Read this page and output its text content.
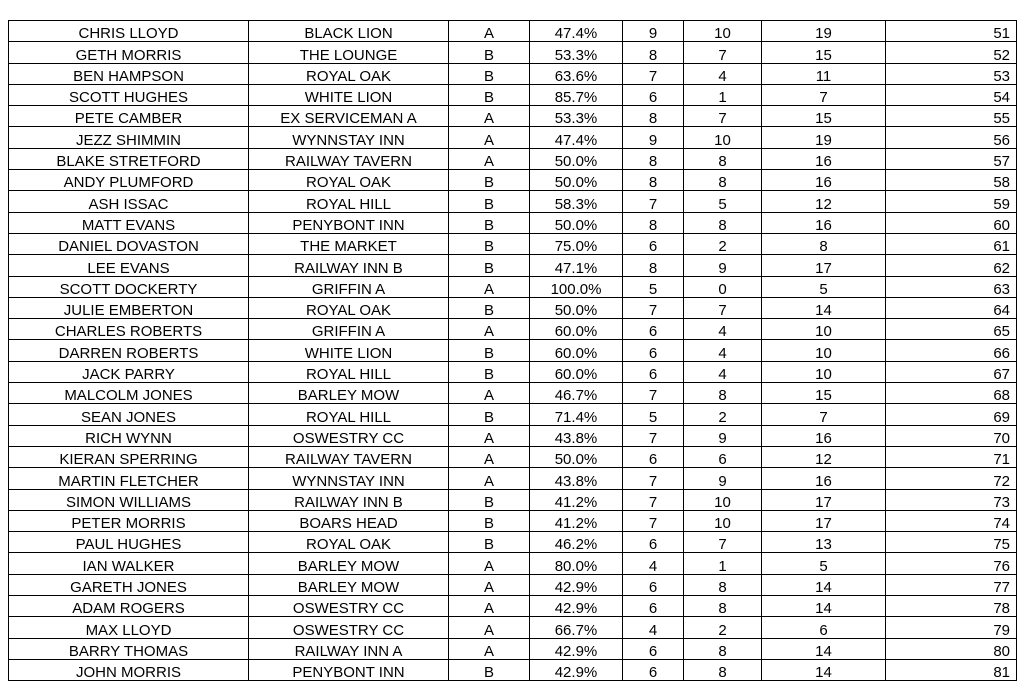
CHRIS LLOYD	BLACK LION	A	47.4%	9	10	19	51
GETH MORRIS	THE LOUNGE	B	53.3%	8	7	15	52
BEN HAMPSON	ROYAL OAK	B	63.6%	7	4	11	53
SCOTT HUGHES	WHITE LION	B	85.7%	6	1	7	54
PETE CAMBER	EX SERVICEMAN A	A	53.3%	8	7	15	55
JEZZ SHIMMIN	WYNNSTAY INN	A	47.4%	9	10	19	56
BLAKE STRETFORD	RAILWAY TAVERN	A	50.0%	8	8	16	57
ANDY PLUMFORD	ROYAL OAK	B	50.0%	8	8	16	58
ASH ISSAC	ROYAL HILL	B	58.3%	7	5	12	59
MATT EVANS	PENYBONT INN	B	50.0%	8	8	16	60
DANIEL DOVASTON	THE MARKET	B	75.0%	6	2	8	61
LEE EVANS	RAILWAY INN B	B	47.1%	8	9	17	62
SCOTT DOCKERTY	GRIFFIN A	A	100.0%	5	0	5	63
JULIE EMBERTON	ROYAL OAK	B	50.0%	7	7	14	64
CHARLES ROBERTS	GRIFFIN A	A	60.0%	6	4	10	65
DARREN ROBERTS	WHITE LION	B	60.0%	6	4	10	66
JACK PARRY	ROYAL HILL	B	60.0%	6	4	10	67
MALCOLM JONES	BARLEY MOW	A	46.7%	7	8	15	68
SEAN JONES	ROYAL HILL	B	71.4%	5	2	7	69
RICH WYNN	OSWESTRY CC	A	43.8%	7	9	16	70
KIERAN SPERRING	RAILWAY TAVERN	A	50.0%	6	6	12	71
MARTIN FLETCHER	WYNNSTAY INN	A	43.8%	7	9	16	72
SIMON WILLIAMS	RAILWAY INN B	B	41.2%	7	10	17	73
PETER MORRIS	BOARS HEAD	B	41.2%	7	10	17	74
PAUL HUGHES	ROYAL OAK	B	46.2%	6	7	13	75
IAN WALKER	BARLEY MOW	A	80.0%	4	1	5	76
GARETH JONES	BARLEY MOW	A	42.9%	6	8	14	77
ADAM ROGERS	OSWESTRY CC	A	42.9%	6	8	14	78
MAX LLOYD	OSWESTRY CC	A	66.7%	4	2	6	79
BARRY THOMAS	RAILWAY INN A	A	42.9%	6	8	14	80
JOHN MORRIS	PENYBONT INN	B	42.9%	6	8	14	81
